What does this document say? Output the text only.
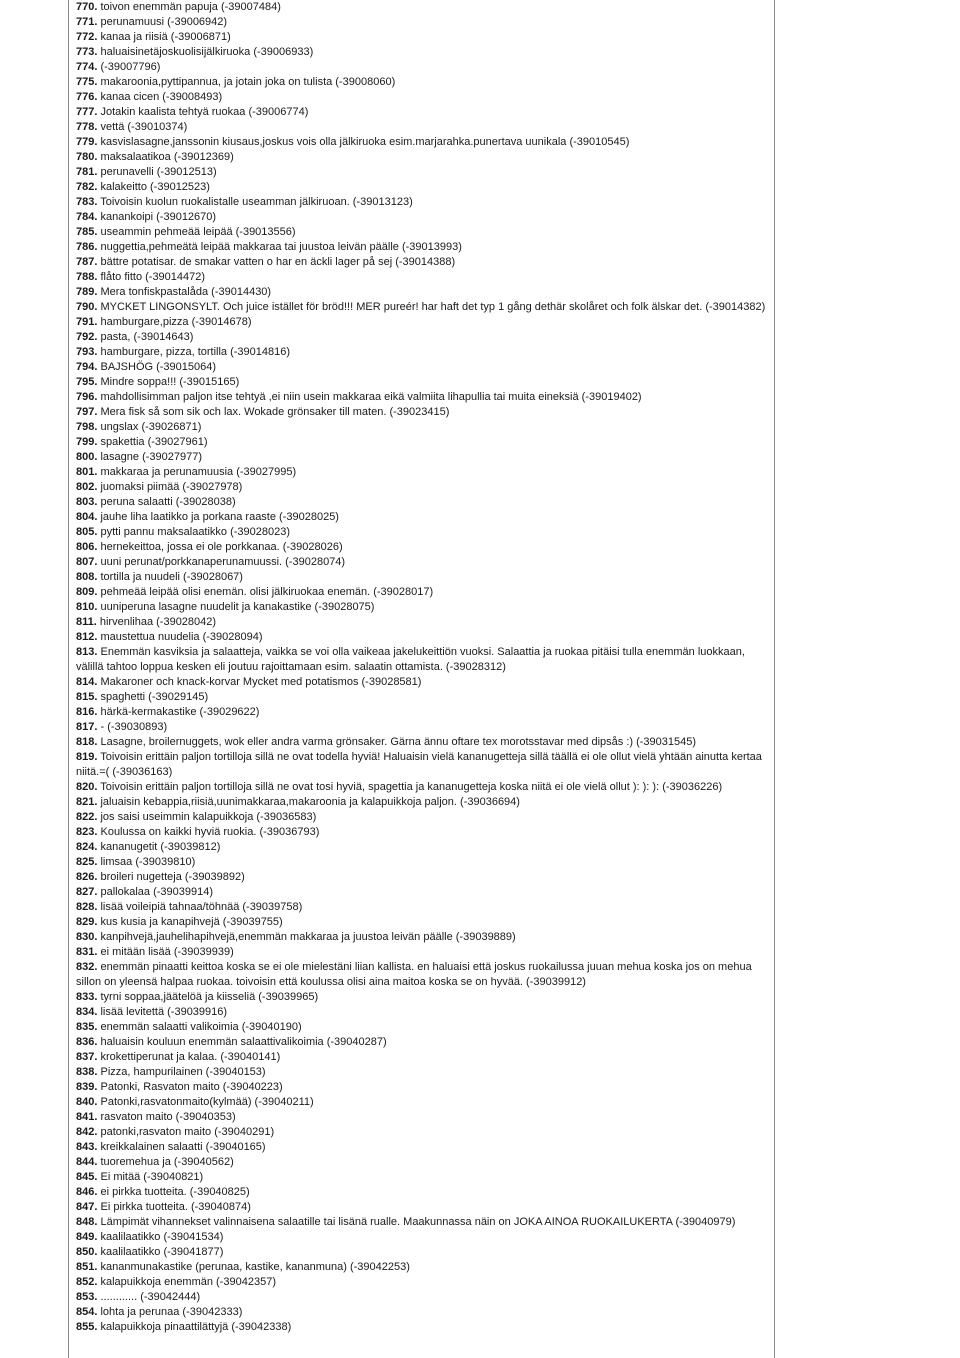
770. toivon enemmän papuja (-39007484)

771. perunamuusi (-39006942)

772. kanaa ja riisiä (-39006871)

773. haluaisinetäjoskuolisijälkiruoka (-39006933)

774. (-39007796)

775. makaroonia,pyttipannua, ja jotain joka on tulista (-39008060)

776. kanaa cicen (-39008493)

777. Jotakin kaalista tehtyä ruokaa (-39006774)

778. vettä (-39010374)

779. kasvislasagne,janssonin kiusaus,joskus vois olla jälkiruoka esim.marjarahka.punertava uunikala (-39010545)

780. maksalaatikoa (-39012369)

781. perunavelli (-39012513)

782. kalakeitto (-39012523)

783. Toivoisin kuolun ruokalistalle useamman jälkiruoan. (-39013123)

784. kanankoipi (-39012670)

785. useammin pehmeää leipää (-39013556)

786. nuggettia,pehmeätä leipää makkaraa tai juustoa leivän päälle (-39013993)

787. bättre potatisar. de smakar vatten o har en äckli lager på sej (-39014388)

788. flåto fitto (-39014472)

789. Mera tonfiskpastalåda (-39014430)

790. MYCKET LINGONSYLT. Och juice istället för bröd!!! MER pureér! har haft det typ 1 gång dethär skolåret och folk älskar det. (-39014382)

791. hamburgare,pizza (-39014678)

792. pasta, (-39014643)

793. hamburgare, pizza, tortilla (-39014816)

794. BAJSHÖG (-39015064)

795. Mindre soppa!!! (-39015165)

796. mahdollisimman paljon itse tehtyä ,ei niin usein makkaraa eikä valmiita lihapullia tai muita eineksiä (-39019402)

797. Mera fisk så som sik och lax. Wokade grönsaker till maten. (-39023415)

798. ungslax (-39026871)

799. spakettia (-39027961)

800. lasagne (-39027977)

801. makkaraa ja perunamuusia (-39027995)

802. juomaksi piimää (-39027978)

803. peruna salaatti (-39028038)

804. jauhe liha laatikko ja porkana raaste (-39028025)

805. pytti pannu maksalaatikko (-39028023)

806. hernekeittoa, jossa ei ole porkkanaa. (-39028026)

807. uuni perunat/porkkanaperunamuussi. (-39028074)

808. tortilla ja nuudeli (-39028067)

809. pehmeää leipää olisi enemän. olisi jälkiruokaa enemän. (-39028017)

810. uuniperuna lasagne nuudelit ja kanakastike (-39028075)

811. hirvenlihaa (-39028042)

812. maustettua nuudelia (-39028094)

813. Enemmän kasviksia ja salaatteja, vaikka se voi olla vaikeaa jakelukeittiön vuoksi. Salaattia ja ruokaa pitäisi tulla enemmän luokkaan, välillä tahtoo loppua kesken eli joutuu rajoittamaan esim. salaatin ottamista. (-39028312)

814. Makaroner och knack-korvar Mycket med potatismos (-39028581)

815. spaghetti (-39029145)

816. härkä-kermakastike (-39029622)

817. - (-39030893)

818. Lasagne, broilernuggets, wok eller andra varma grönsaker. Gärna ännu oftare tex morotsstavar med dipsås :) (-39031545)

819. Toivoisin erittäin paljon tortilloja sillä ne ovat todella hyviä! Haluaisin vielä kananugetteja sillä täällä ei ole ollut vielä yhtään ainutta kertaa niitä.=( (-39036163)

820. Toivoisin erittäin paljon tortilloja sillä ne ovat tosi hyviä, spagettia ja kananugetteja koska niitä ei ole vielä ollut ): ): ): (-39036226)

821. jaluaisin kebappia,riisiä,uunimakkaraa,makaroonia ja kalapuikkoja paljon. (-39036694)

822. jos saisi useimmin kalapuikkoja (-39036583)

823. Koulussa on kaikki hyviä ruokia. (-39036793)

824. kananugetit (-39039812)

825. limsaa (-39039810)

826. broileri nugetteja (-39039892)

827. pallokalaa (-39039914)

828. lisää voileipiä tahnaa/töhnää (-39039758)

829. kus kusia ja kanapihvejä (-39039755)

830. kanpihvejä,jauhelihapihvejä,enemmän makkaraa ja juustoa leivän päälle (-39039889)

831. ei mitään lisää (-39039939)

832. enemmän pinaatti keittoa koska se ei ole mielestäni liian kallista. en haluaisi että joskus ruokailussa juuan mehua koska jos on mehua sillon on yleensä halpaa ruokaa. toivoisin että koulussa olisi aina maitoa koska se on hyvää. (-39039912)

833. tyrni soppaa,jäätelöä ja kiisseliä (-39039965)

834. lisää levitettä (-39039916)

835. enemmän salaatti valikoimia (-39040190)

836. haluaisin kouluun enemmän salaattivalikoimia (-39040287)

837. krokettiperunat ja kalaa. (-39040141)

838. Pizza, hampurilainen (-39040153)

839. Patonki, Rasvaton maito (-39040223)

840. Patonki,rasvatonmaito(kylmää) (-39040211)

841. rasvaton maito (-39040353)

842. patonki,rasvaton maito (-39040291)

843. kreikkalainen salaatti (-39040165)

844. tuoremehua ja (-39040562)

845. Ei mitää (-39040821)

846. ei pirkka tuotteita. (-39040825)

847. Ei pirkka tuotteita. (-39040874)

848. Lämpimät vihannekset valinnaisena salaatille tai lisänä rualle. Maakunnassa näin on JOKA AINOA RUOKAILUKERTA (-39040979)

849. kaalilaatikko (-39041534)

850. kaalilaatikko (-39041877)

851. kananmunakastike (perunaa, kastike, kananmuna) (-39042253)

852. kalapuikkoja enemmän (-39042357)

853. ............ (-39042444)

854. lohta ja perunaa (-39042333)

855. kalapuikkoja pinaattilättyjä (-39042338)
